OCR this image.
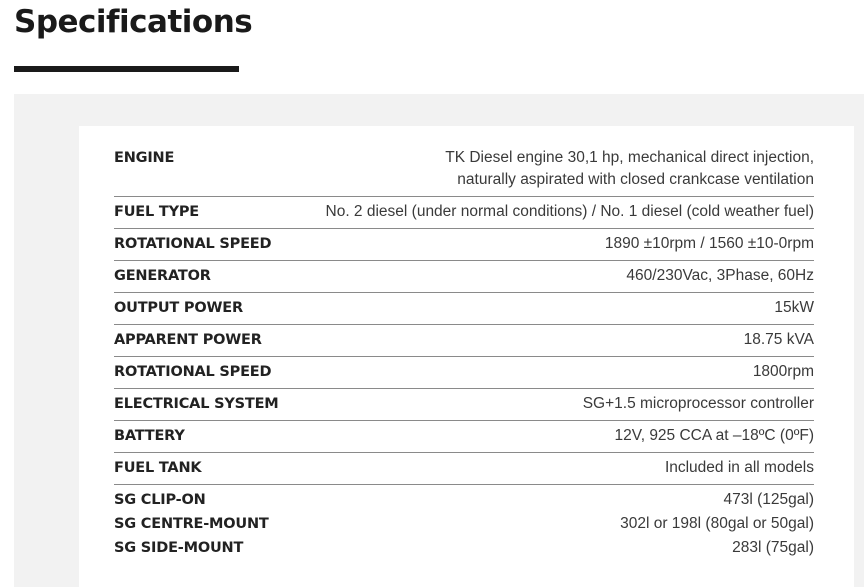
Specifications
ENGINE	TK Diesel engine 30,1 hp, mechanical direct injection,
naturally aspirated with closed crankcase ventilation

FUEL TYPE	No. 2 diesel (under normal conditions) / No. 1 diesel (cold weather fuel)
ROTATIONAL SPEED	1890 ±10rpm / 1560 ±10-0rpm
GENERATOR	460/230Vac, 3Phase, 60Hz
OUTPUT POWER	15kW
APPARENT POWER	18.75 kVA
ROTATIONAL SPEED	1800rpm
ELECTRICAL SYSTEM	SG+1.5 microprocessor controller
BATTERY	12V, 925 CCA at –18ºC (0ºF)
FUEL TANK	Included in all models
SG CLIP-ON	473l (125gal)
SG CENTRE-MOUNT	302l or 198l (80gal or 50gal)
SG SIDE-MOUNT	283l (75gal)
